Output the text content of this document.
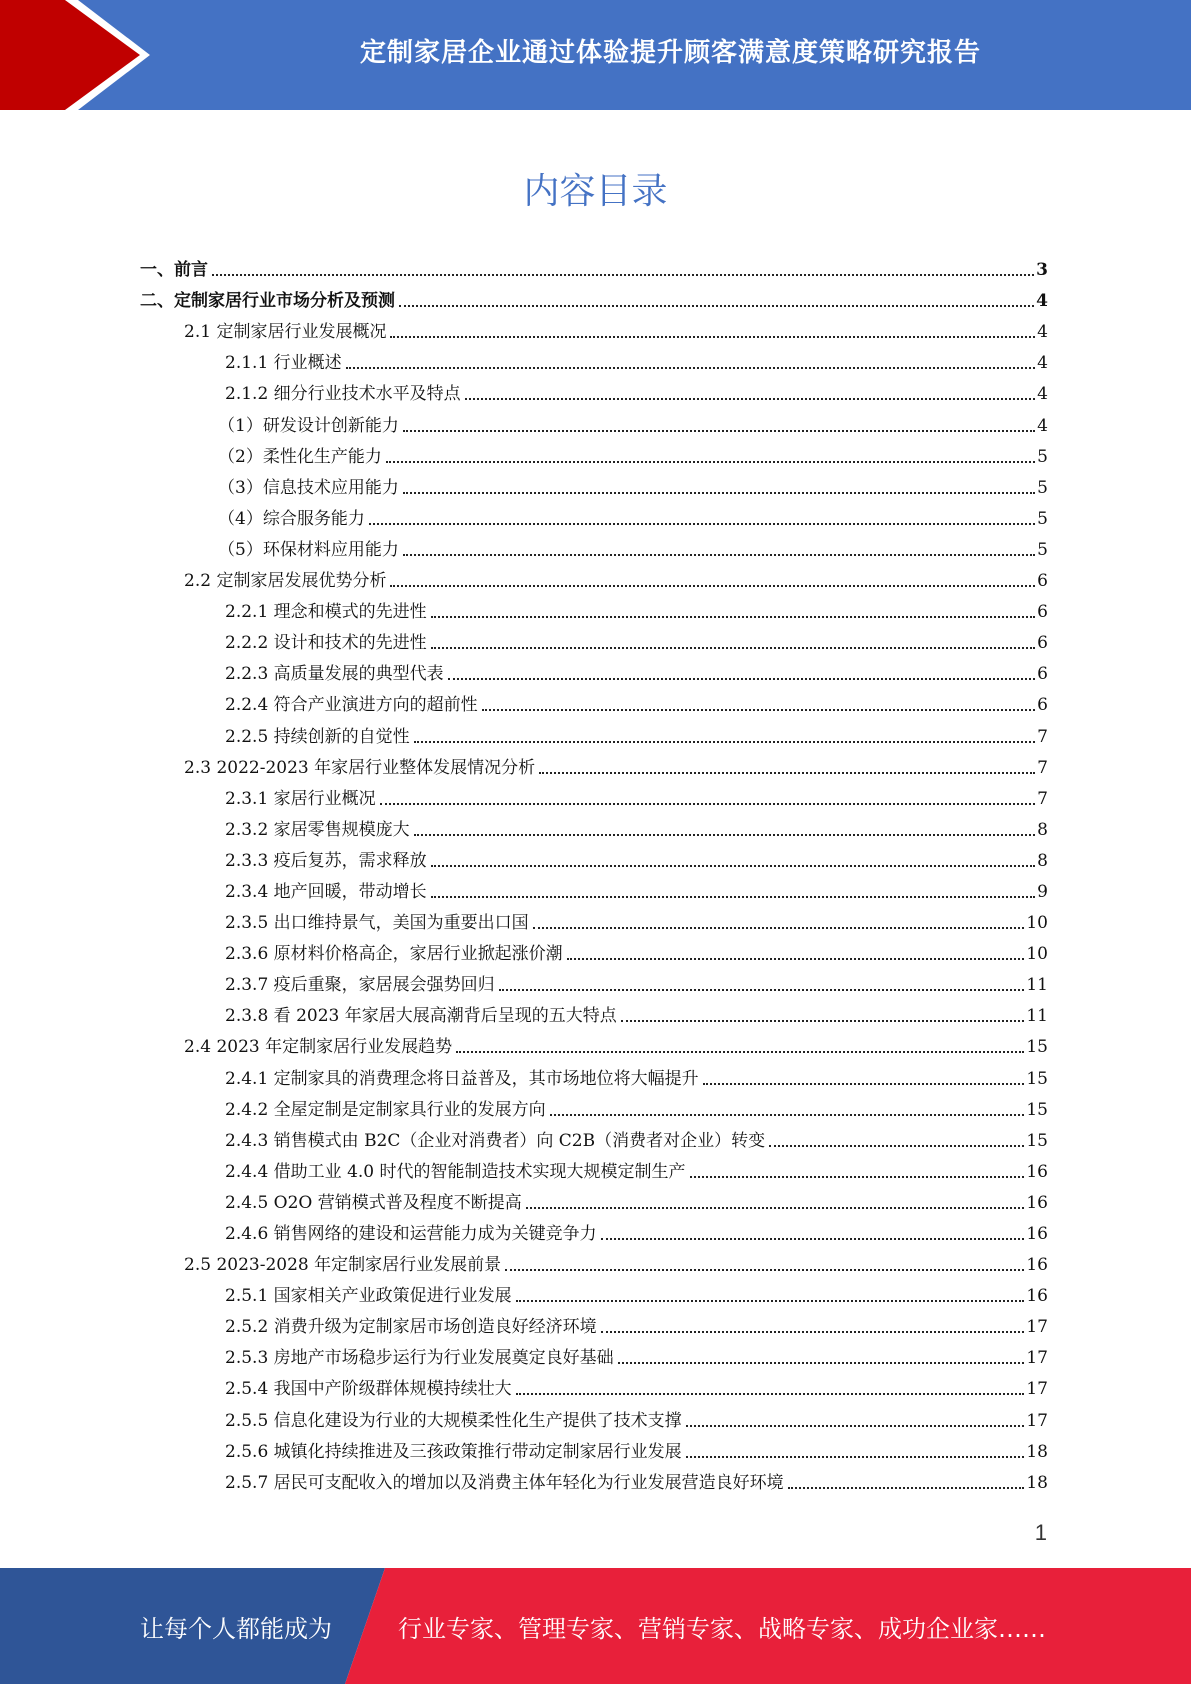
定制家居企业通过体验提升顾客满意度策略研究报告
内容目录
一、前言	3
二、定制家居行业市场分析及预测	4
2.1 定制家居行业发展概况	4
2.1.1 行业概述	4
2.1.2 细分行业技术水平及特点	4
（1）研发设计创新能力	4
（2）柔性化生产能力	5
（3）信息技术应用能力	5
（4）综合服务能力	5
（5）环保材料应用能力	5
2.2 定制家居发展优势分析	6
2.2.1 理念和模式的先进性	6
2.2.2 设计和技术的先进性	6
2.2.3 高质量发展的典型代表	6
2.2.4 符合产业演进方向的超前性	6
2.2.5 持续创新的自觉性	7
2.3 2022-2023 年家居行业整体发展情况分析	7
2.3.1 家居行业概况	7
2.3.2 家居零售规模庞大	8
2.3.3 疫后复苏，需求释放	8
2.3.4 地产回暖，带动增长	9
2.3.5 出口维持景气，美国为重要出口国	10
2.3.6 原材料价格高企，家居行业掀起涨价潮	10
2.3.7 疫后重聚，家居展会强势回归	11
2.3.8 看 2023 年家居大展高潮背后呈现的五大特点	11
2.4 2023 年定制家居行业发展趋势	15
2.4.1 定制家具的消费理念将日益普及，其市场地位将大幅提升	15
2.4.2 全屋定制是定制家具行业的发展方向	15
2.4.3 销售模式由 B2C（企业对消费者）向 C2B（消费者对企业）转变	15
2.4.4 借助工业 4.0 时代的智能制造技术实现大规模定制生产	16
2.4.5 O2O 营销模式普及程度不断提高	16
2.4.6 销售网络的建设和运营能力成为关键竞争力	16
2.5 2023-2028 年定制家居行业发展前景	16
2.5.1 国家相关产业政策促进行业发展	16
2.5.2 消费升级为定制家居市场创造良好经济环境	17
2.5.3 房地产市场稳步运行为行业发展奠定良好基础	17
2.5.4 我国中产阶级群体规模持续壮大	17
2.5.5 信息化建设为行业的大规模柔性化生产提供了技术支撑	17
2.5.6 城镇化持续推进及三孩政策推行带动定制家居行业发展	18
2.5.7 居民可支配收入的增加以及消费主体年轻化为行业发展营造良好环境	18
1
让每个人都能成为	行业专家、管理专家、营销专家、战略专家、成功企业家……
